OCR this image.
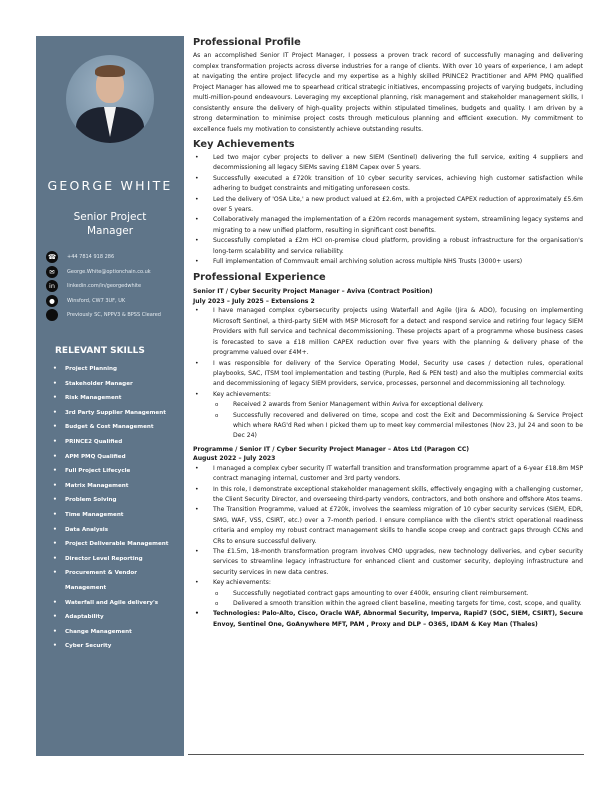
GEORGE WHITE
Senior Project
Manager
☎	+44 7814 918 286
✉	George.White@optionchain.co.uk
in	linkedin.com/in/georgedwhite
●	Winsford, CW7 3UF, UK
Previously SC, NPPV3 & BPSS Cleared
RELEVANT SKILLS
• Project Planning
• Stakeholder Manager
• Risk Management
• 3rd Party Supplier Management
• Budget & Cost Management
• PRINCE2 Qualified
• APM PMQ Qualified
• Full Project Lifecycle
• Matrix Management
• Problem Solving
• Time Management
• Data Analysis
• Project Deliverable Management
• Director Level Reporting
• Procurement & Vendor Management
• Waterfall and Agile delivery's
• Adaptability
• Change Management
• Cyber Security
Professional Profile

As an accomplished Senior IT Project Manager, I possess a proven track record of successfully managing and delivering complex transformation projects across diverse industries for a range of clients. With over 10 years of experience, I am adept at navigating the entire project lifecycle and my expertise as a highly skilled PRINCE2 Practitioner and APM PMQ qualified Project Manager has allowed me to spearhead critical strategic initiatives, encompassing projects of varying budgets, including multi-million-pound endeavours. Leveraging my exceptional planning, risk management and stakeholder management skills, I consistently ensure the delivery of high-quality projects within stipulated timelines, budgets and quality. I am driven by a strong determination to minimise project costs through meticulous planning and efficient execution. My commitment to excellence fuels my motivation to consistently achieve outstanding results.

Key Achievements
• Led two major cyber projects to deliver a new SIEM (Sentinel) delivering the full service, exiting 4 suppliers and decommissioning all legacy SIEMs saving £18M Capex over 5 years.
• Successfully executed a £720k transition of 10 cyber security services, achieving high customer satisfaction while adhering to budget constraints and mitigating unforeseen costs.
• Led the delivery of 'OSA Lite,' a new product valued at £2.6m, with a projected CAPEX reduction of approximately £5.6m over 5 years.
• Collaboratively managed the implementation of a £20m records management system, streamlining legacy systems and migrating to a new unified platform, resulting in significant cost benefits.
• Successfully completed a £2m HCI on-premise cloud platform, providing a robust infrastructure for the organisation's long-term scalability and service reliability.
• Full implementation of Commvault email archiving solution across multiple NHS Trusts (3000+ users)
Professional Experience
Senior IT / Cyber Security Project Manager – Aviva (Contract Position)
July 2023 – July 2025 – Extensions 2
• I have managed complex cybersecurity projects using Waterfall and Agile (Jira & ADO), focusing on implementing Microsoft Sentinel, a third-party SIEM with MSP Microsoft for a detect and respond service and retiring four legacy SIEM Providers with full service and technical decommissioning. These projects apart of a programme whose business cases is forecasted to save a £18 million CAPEX reduction over five years with the planning & delivery phase of the programme valued over £4M+.
• I was responsible for delivery of the Service Operating Model, Security use cases / detection rules, operational playbooks, SAC, ITSM tool implementation and testing (Purple, Red & PEN test) and also the multiples commercial exits and decommissioning of legacy SIEM providers, service, processes, personnel and decommissioning all technology.
• Key achievements:
o Received 2 awards from Senior Management within Aviva for exceptional delivery.
o Successfully recovered and delivered on time, scope and cost the Exit and Decommissioning & Service Project which where RAG'd Red when I picked them up to meet key commercial milestones (Nov 23, Jul 24 and soon to be Dec 24)
Programme / Senior IT / Cyber Security Project Manager – Atos Ltd (Paragon CC)
August 2022 – July 2023
• I managed a complex cyber security IT waterfall transition and transformation programme apart of a 6-year £18.8m MSP contract managing internal, customer and 3rd party vendors.
• In this role, I demonstrate exceptional stakeholder management skills, effectively engaging with a challenging customer, the Client Security Director, and overseeing third-party vendors, contractors, and both onshore and offshore Atos teams.
• The Transition Programme, valued at £720k, involves the seamless migration of 10 cyber security services (SIEM, EDR, SMG, WAF, VSS, CSIRT, etc.) over a 7-month period. I ensure compliance with the client's strict operational readiness criteria and employ my robust contract management skills to handle scope creep and contract gaps through CCNs and CRs to ensure successful delivery.
• The £1.5m, 18-month transformation program involves CMO upgrades, new technology deliveries, and cyber security services to streamline legacy infrastructure for enhanced client and customer security, deploying infrastructure and security services in new data centres.
• Key achievements:
o Successfully negotiated contract gaps amounting to over £400k, ensuring client reimbursement.
o Delivered a smooth transition within the agreed client baseline, meeting targets for time, cost, scope, and quality.
• Technologies: Palo-Alto, Cisco, Oracle WAF, Abnormal Security, Imperva, Rapid7 (SOC, SIEM, CSIRT), Secure Envoy, Sentinel One, GoAnywhere MFT, PAM , Proxy and DLP – O365, IDAM & Key Man (Thales)
